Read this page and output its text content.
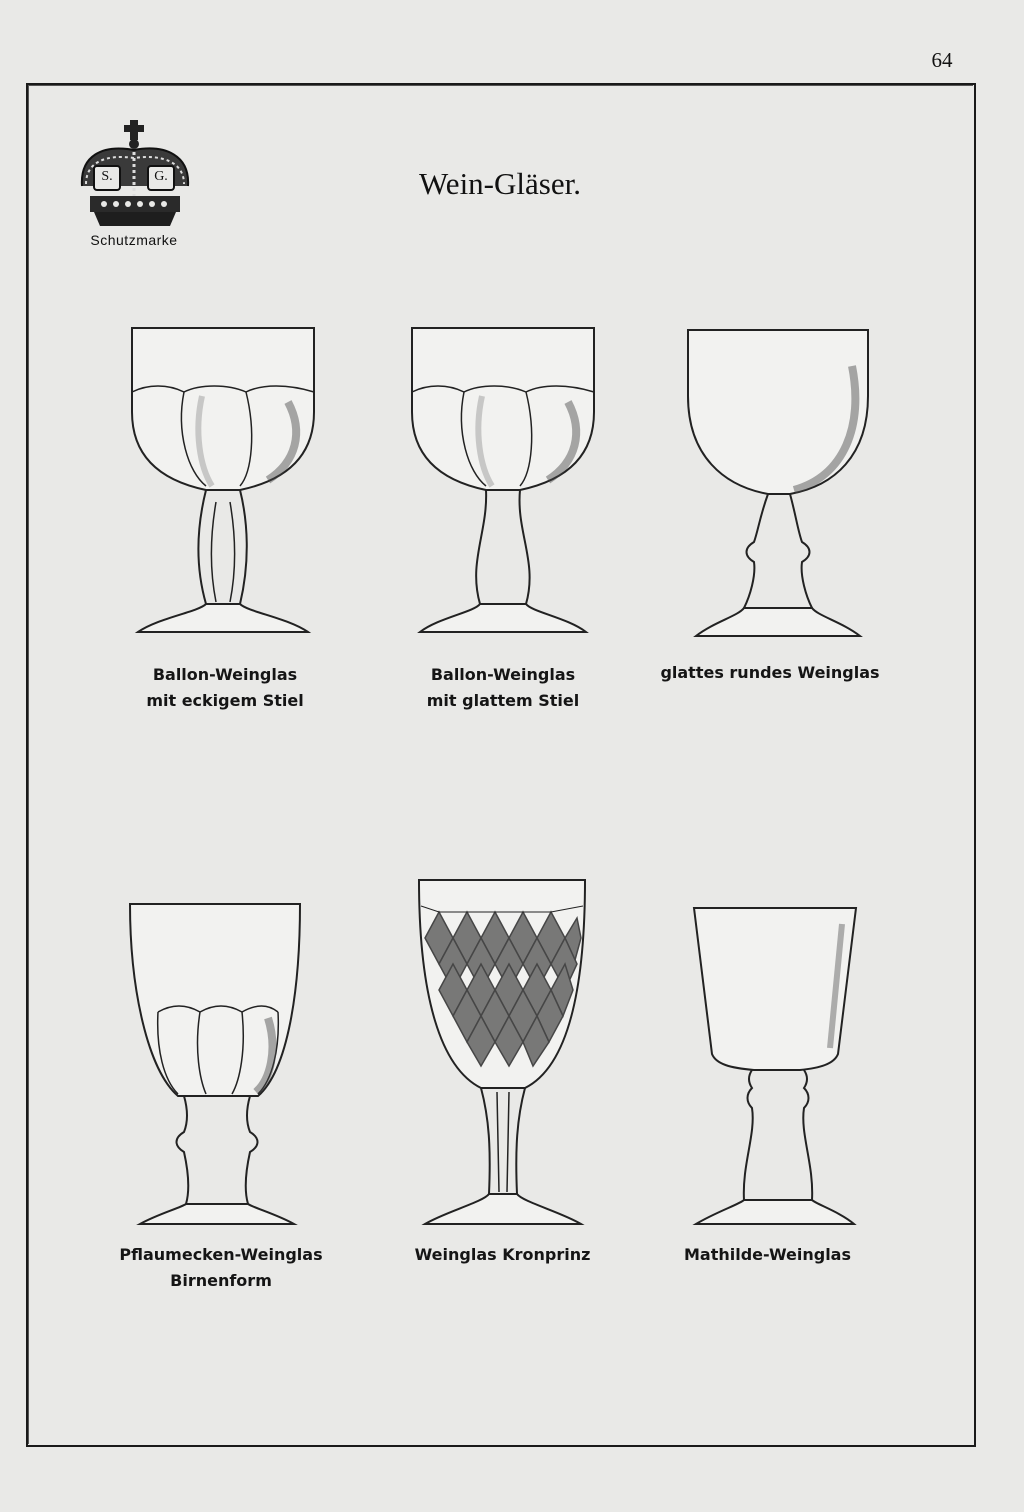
64
S.	G.
Schutzmarke
Wein-Gläser.
Ballon-Weinglas
mit eckigem Stiel
Ballon-Weinglas
mit glattem Stiel
glattes rundes Weinglas
Pflaumecken-Weinglas
Birnenform
Weinglas Kronprinz	Mathilde-Weinglas
